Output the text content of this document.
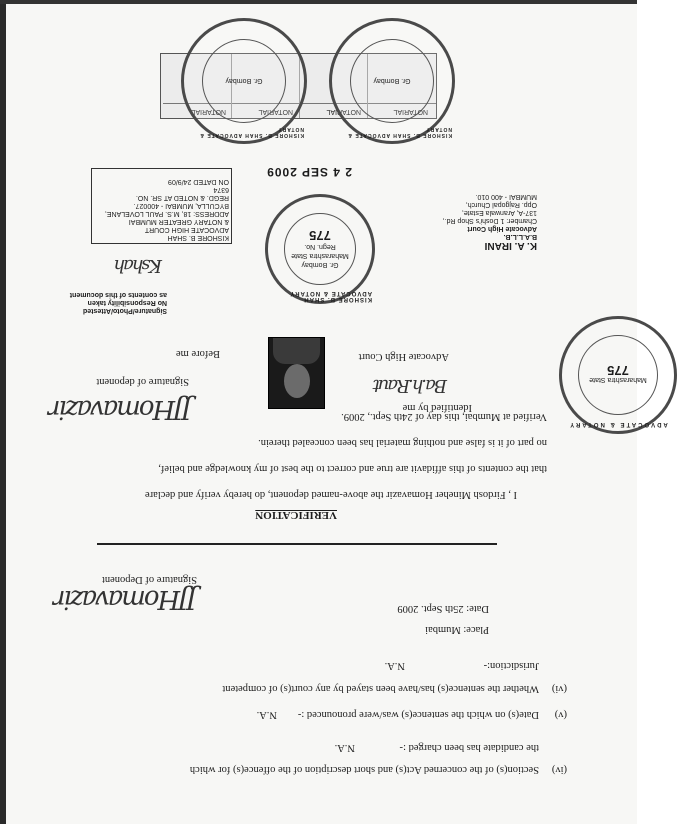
(iv)
Section(s) of the concerned Act(s) and short description of the offence(s) for which
the candidate has been charged :-
N.A.
(v)
Date(s) on which the sentence(s) was/were pronounced :-
N.A.
(vi)
Whether the sentence(s) has/have been stayed by any court(s) of competent
Jurisdiction:-
N.A.
Place: Mumbai
Date: 25th Sept. 2009
JJHomavazir
Signature of Deponent
VERIFICATION
I , Firdosh Mineher Homavazir the above-named deponent, do hereby verify and declare
that the contents of this affidavit are true and correct to the best of my knowledge and belief,
no part of it is false and nothing material has been concealed therein.
Verified at Mumbai, this day of 24th Sept., 2009.
JJHomavazir
Signature of deponent
Identified by me
Ba.h.Raut
Advocate High Court
Before me
Signature/Photo/Attested
No Responsibility taken
as contents of this document
KISHORE B. SHAH
ADVOCATE HIGH COURT
& NOTARY GREATER MUMBAI
ADDRESS: 18, M.S. PAUL LOVELANE,
BYCULLA, MUMBAI - 400027.
REGD. & NOTED AT SR. NO.
6374
ON DATED 24/9/09
Kshah
K. A. IRANI
B.A.L.L.B.
Advocate High Court
Chamber: 1 Doshi's Shop Rd.,
137-A, Aranwala Estate,
Opp. Rajgopal Church,
MUMBAI - 400 010.
2 4 SEP 2009
Gr. Bombay
Maharashtra State
Regn. No.
775
KISHORE B. SHAH ADVOCATE & NOTARY
Maharashtra State
775
ADVOCATE & NOTARY
NOTARIAL
NOTARIAL
NOTARIAL
NOTARIAL
Gr. Bombay
KISHORE B. SHAH ADVOCATE & NOTARY
Gr. Bombay
KISHORE B. SHAH ADVOCATE & NOTARY
